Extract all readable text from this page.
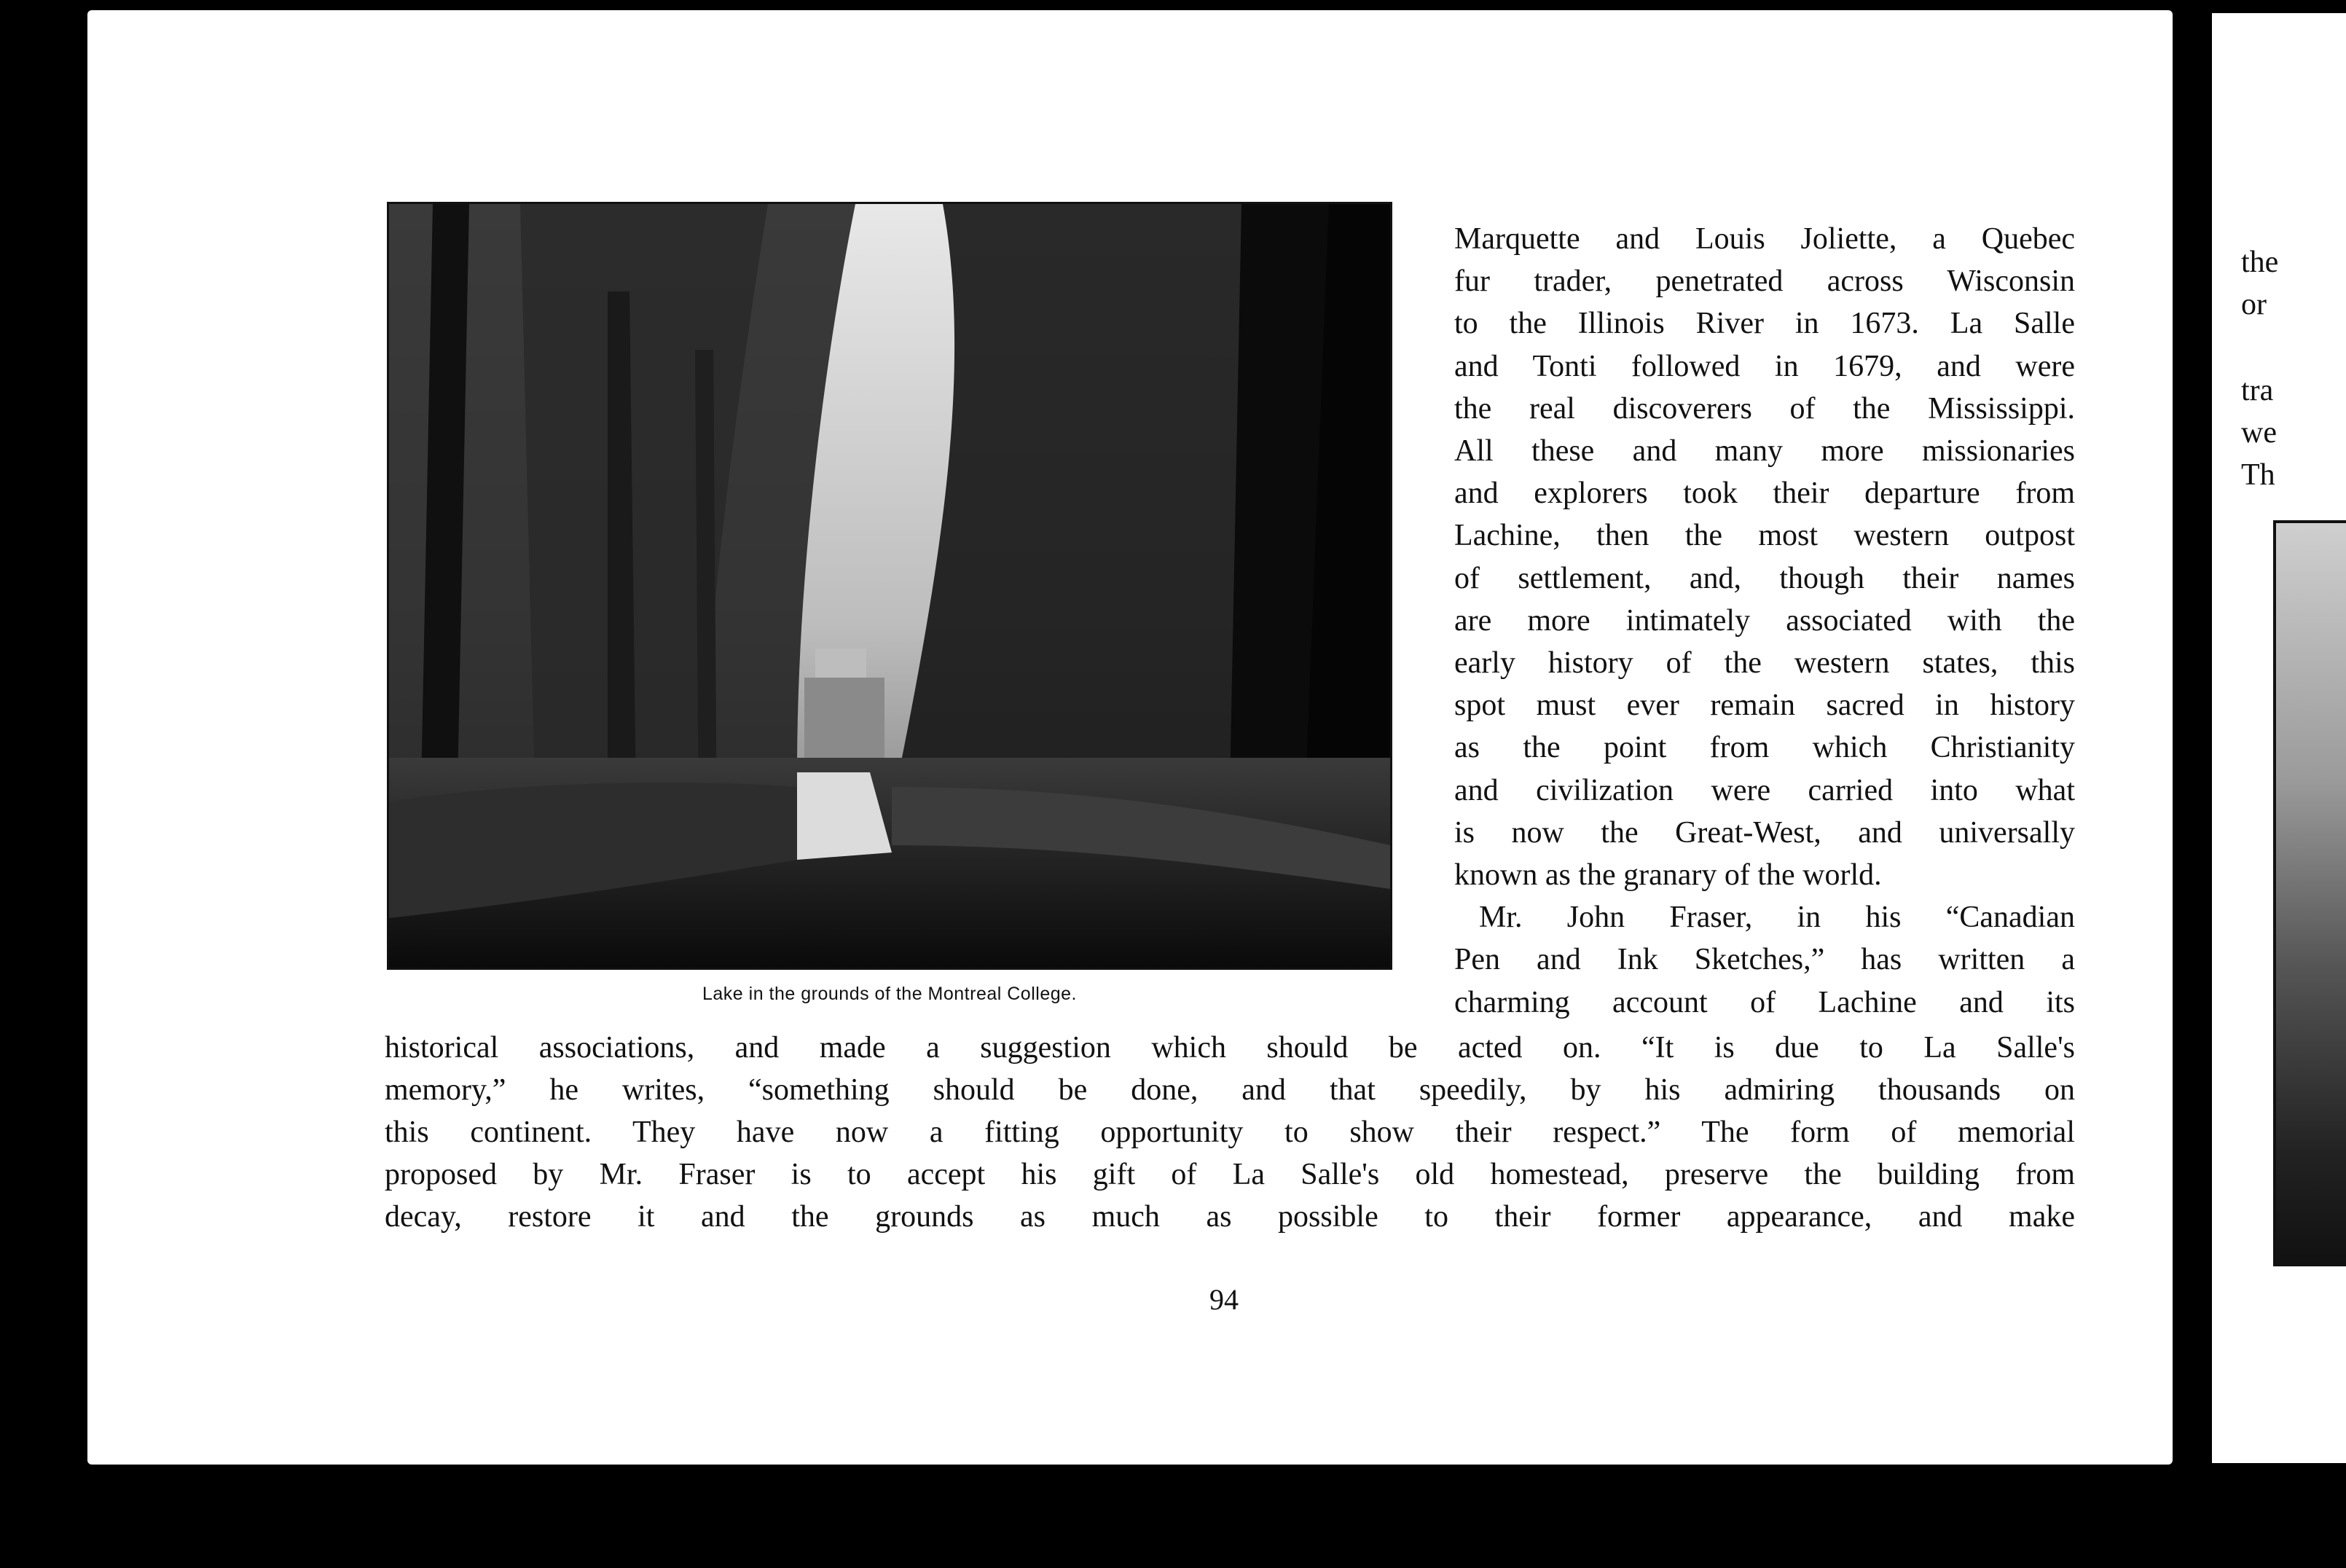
the
or
tra
we
Th
Lake in the grounds of the Montreal College.
94
Marquette and Louis Joliette, a Quebec
fur trader, penetrated across Wisconsin
to the Illinois River in 1673. La Salle
and Tonti followed in 1679, and were
the real discoverers of the Mississippi.
All these and many more missionaries
and explorers took their departure from
Lachine, then the most western outpost
of settlement, and, though their names
are more intimately associated with the
early history of the western states, this
spot must ever remain sacred in history
as the point from which Christianity
and civilization were carried into what
is now the Great-West, and universally
known as the granary of the world.
Mr. John Fraser, in his “Canadian
Pen and Ink Sketches,” has written a
charming account of Lachine and its
historical associations, and made a suggestion which should be acted on. “It is due to La Salle's
memory,” he writes, “something should be done, and that speedily, by his admiring thousands on
this continent. They have now a fitting opportunity to show their respect.” The form of memorial
proposed by Mr. Fraser is to accept his gift of La Salle's old homestead, preserve the building from
decay, restore it and the grounds as much as possible to their former appearance, and make
